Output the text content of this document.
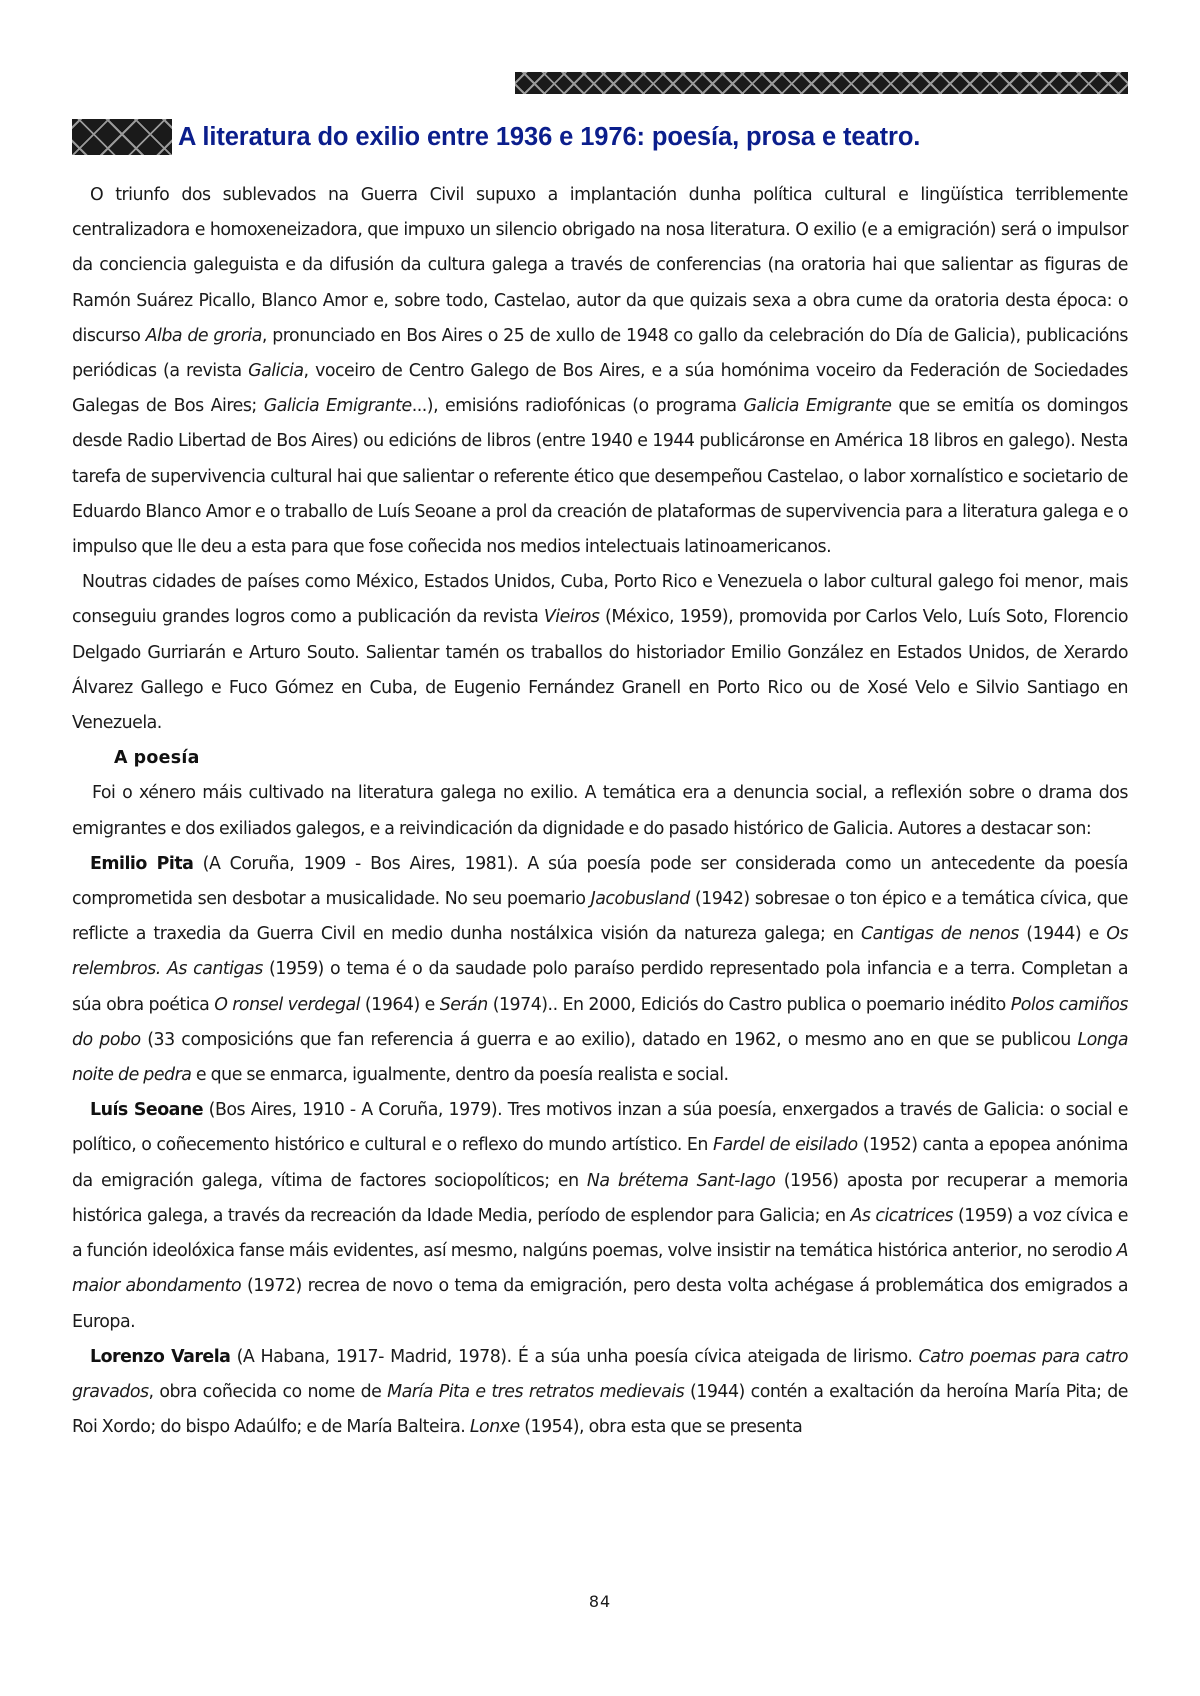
A literatura do exilio entre 1936 e 1976: poesía, prosa e teatro.

O triunfo dos sublevados na Guerra Civil supuxo a implantación dunha política cultural e lingüística terriblemente centralizadora e homoxeneizadora, que impuxo un silencio obrigado na nosa literatura. O exilio (e a emigración) será o impulsor da conciencia galeguista e da difusión da cultura galega a través de conferencias (na oratoria hai que salientar as figuras de Ramón Suárez Picallo, Blanco Amor e, sobre todo, Castelao, autor da que quizais sexa a obra cume da oratoria desta época: o discurso Alba de groria, pronunciado en Bos Aires o 25 de xullo de 1948 co gallo da celebración do Día de Galicia), publicacións periódicas (a revista Galicia, voceiro de Centro Galego de Bos Aires, e a súa homónima voceiro da Federación de Sociedades Galegas de Bos Aires; Galicia Emigrante...), emisións radiofónicas (o programa Galicia Emigrante que se emitía os domingos desde Radio Libertad de Bos Aires) ou edicións de libros (entre 1940 e 1944 publicáronse en América 18 libros en galego). Nesta tarefa de supervivencia cultural hai que salientar o referente ético que desempeñou Castelao, o labor xornalístico e societario de Eduardo Blanco Amor e o traballo de Luís Seoane a prol da creación de plataformas de supervivencia para a literatura galega e o impulso que lle deu a esta para que fose coñecida nos medios intelectuais latinoamericanos.

Noutras cidades de países como México, Estados Unidos, Cuba, Porto Rico e Venezuela o labor cultural galego foi menor, mais conseguiu grandes logros como a publicación da revista Vieiros (México, 1959), promovida por Carlos Velo, Luís Soto, Florencio Delgado Gurriarán e Arturo Souto. Salientar tamén os traballos do historiador Emilio González en Estados Unidos, de Xerardo Álvarez Gallego e Fuco Gómez en Cuba, de Eugenio Fernández Granell en Porto Rico ou de Xosé Velo e Silvio Santiago en Venezuela.

A poesía

Foi o xénero máis cultivado na literatura galega no exilio. A temática era a denuncia social, a reflexión sobre o drama dos emigrantes e dos exiliados galegos, e a reivindicación da dignidade e do pasado histórico de Galicia. Autores a destacar son:

Emilio Pita (A Coruña, 1909 - Bos Aires, 1981). A súa poesía pode ser considerada como un antecedente da poesía comprometida sen desbotar a musicalidade. No seu poemario Jacobusland (1942) sobresae o ton épico e a temática cívica, que reflicte a traxedia da Guerra Civil en medio dunha nostálxica visión da natureza galega; en Cantigas de nenos (1944) e Os relembros. As cantigas (1959) o tema é o da saudade polo paraíso perdido representado pola infancia e a terra. Completan a súa obra poética O ronsel verdegal (1964) e Serán (1974).. En 2000, Ediciós do Castro publica o poemario inédito Polos camiños do pobo (33 composicións que fan referencia á guerra e ao exilio), datado en 1962, o mesmo ano en que se publicou Longa noite de pedra e que se enmarca, igualmente, dentro da poesía realista e social.

Luís Seoane (Bos Aires, 1910 - A Coruña, 1979). Tres motivos inzan a súa poesía, enxergados a través de Galicia: o social e político, o coñecemento histórico e cultural e o reflexo do mundo artístico. En Fardel de eisilado (1952) canta a epopea anónima da emigración galega, vítima de factores sociopolíticos; en Na brétema Sant-Iago (1956) aposta por recuperar a memoria histórica galega, a través da recreación da Idade Media, período de esplendor para Galicia; en As cicatrices (1959) a voz cívica e a función ideolóxica fanse máis evidentes, así mesmo, nalgúns poemas, volve insistir na temática histórica anterior, no serodio A maior abondamento (1972) recrea de novo o tema da emigración, pero desta volta achégase á problemática dos emigrados a Europa.

Lorenzo Varela (A Habana, 1917- Madrid, 1978). É a súa unha poesía cívica ateigada de lirismo. Catro poemas para catro gravados, obra coñecida co nome de María Pita e tres retratos medievais (1944) contén a exaltación da heroína María Pita; de Roi Xordo; do bispo Adaúlfo; e de María Balteira. Lonxe (1954), obra esta que se presenta

84
